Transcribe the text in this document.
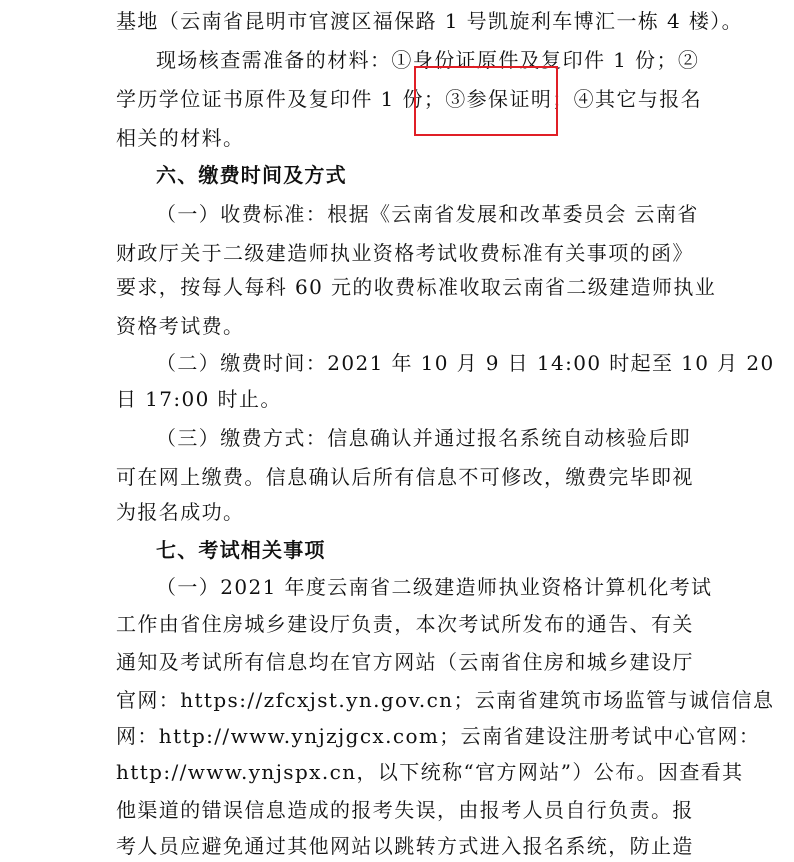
基地（云南省昆明市官渡区福保路 1 号凯旋利车博汇一栋 4 楼）。
现场核查需准备的材料：①身份证原件及复印件 1 份；②
学历学位证书原件及复印件 1 份；③参保证明；④其它与报名
相关的材料。
六、缴费时间及方式
（一）收费标准：根据《云南省发展和改革委员会 云南省
财政厅关于二级建造师执业资格考试收费标准有关事项的函》
要求，按每人每科 60 元的收费标准收取云南省二级建造师执业
资格考试费。
（二）缴费时间：2021 年 10 月 9 日 14:00 时起至 10 月 20
日 17:00 时止。
（三）缴费方式：信息确认并通过报名系统自动核验后即
可在网上缴费。信息确认后所有信息不可修改，缴费完毕即视
为报名成功。
七、考试相关事项
（一）2021 年度云南省二级建造师执业资格计算机化考试
工作由省住房城乡建设厅负责，本次考试所发布的通告、有关
通知及考试所有信息均在官方网站（云南省住房和城乡建设厅
官网：https://zfcxjst.yn.gov.cn；云南省建筑市场监管与诚信信息
网：http://www.ynjzjgcx.com；云南省建设注册考试中心官网：
http://www.ynjspx.cn，以下统称“官方网站”）公布。因查看其
他渠道的错误信息造成的报考失误，由报考人员自行负责。报
考人员应避免通过其他网站以跳转方式进入报名系统，防止造
